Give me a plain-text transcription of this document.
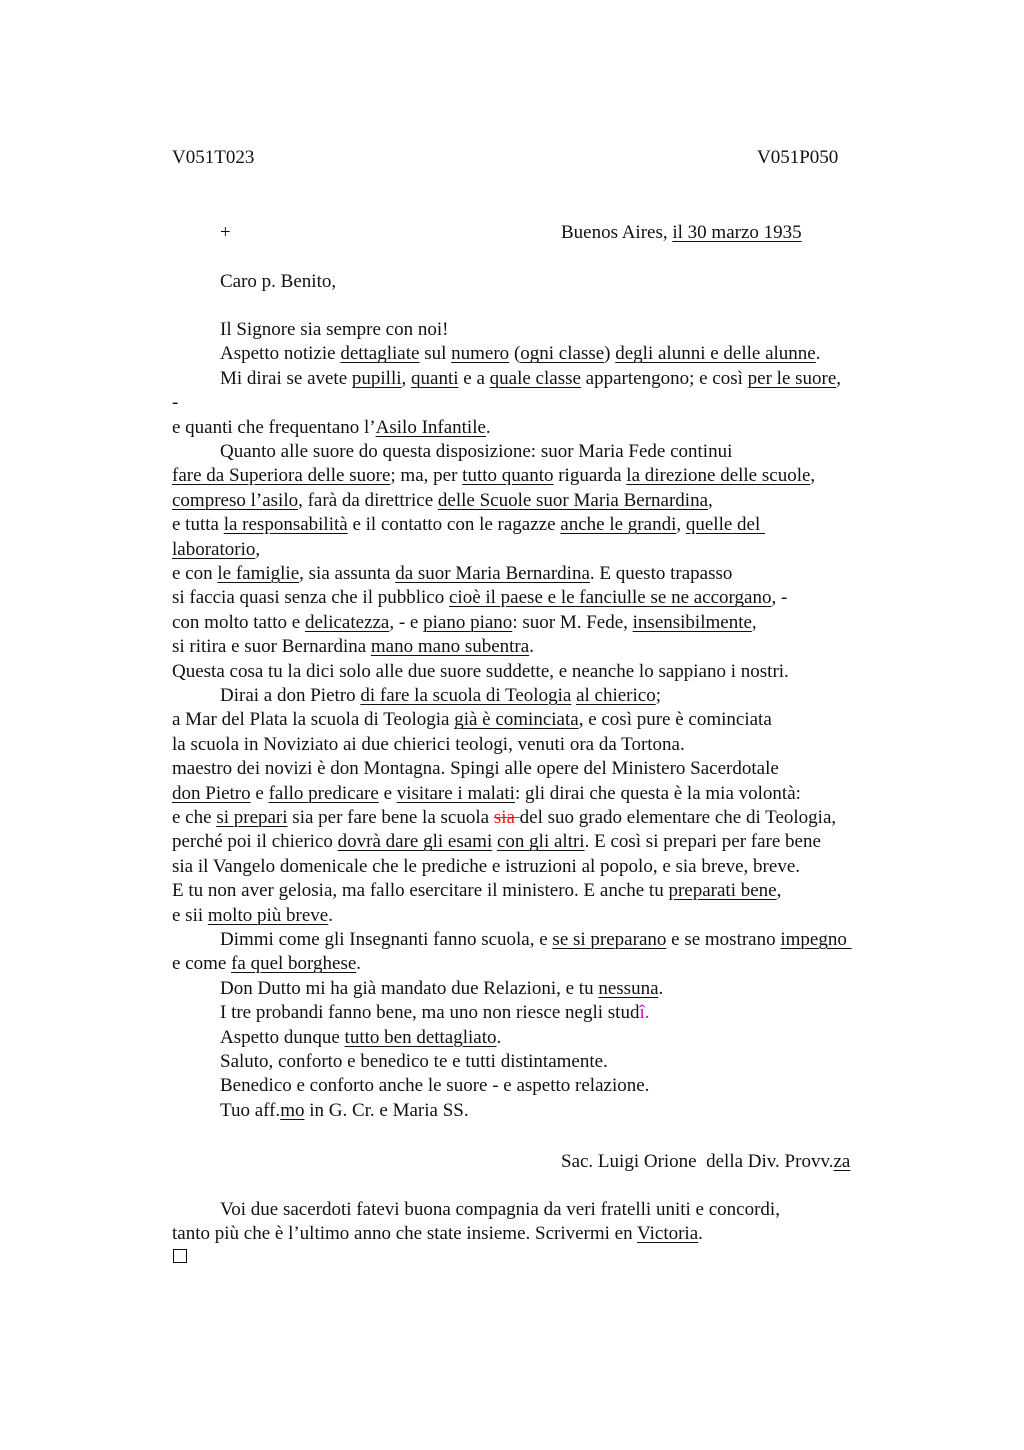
V051T023	V051P050
+	Buenos Aires, il 30 marzo 1935
Caro p. Benito,
Il Signore sia sempre con noi!
Aspetto notizie dettagliate sul numero (ogni classe) degli alunni e delle alunne.
Mi dirai se avete pupilli, quanti e a quale classe appartengono; e così per le suore,
-
e quanti che frequentano l’Asilo Infantile.
Quanto alle suore do questa disposizione: suor Maria Fede continui
fare da Superiora delle suore; ma, per tutto quanto riguarda la direzione delle scuole,
compreso l’asilo, farà da direttrice delle Scuole suor Maria Bernardina,
e tutta la responsabilità e il contatto con le ragazze anche le grandi, quelle del
laboratorio,
e con le famiglie, sia assunta da suor Maria Bernardina. E questo trapasso
si faccia quasi senza che il pubblico cioè il paese e le fanciulle se ne accorgano, -
con molto tatto e delicatezza, - e piano piano: suor M. Fede, insensibilmente,
si ritira e suor Bernardina mano mano subentra.
Questa cosa tu la dici solo alle due suore suddette, e neanche lo sappiano i nostri.
Dirai a don Pietro di fare la scuola di Teologia al chierico;
a Mar del Plata la scuola di Teologia già è cominciata, e così pure è cominciata
la scuola in Noviziato ai due chierici teologi, venuti ora da Tortona.
maestro dei novizi è don Montagna. Spingi alle opere del Ministero Sacerdotale
don Pietro e fallo predicare e visitare i malati: gli dirai che questa è la mia volontà:
e che si prepari sia per fare bene la scuola sia del suo grado elementare che di Teologia,
perché poi il chierico dovrà dare gli esami con gli altri. E così si prepari per fare bene
sia il Vangelo domenicale che le prediche e istruzioni al popolo, e sia breve, breve.
E tu non aver gelosia, ma fallo esercitare il ministero. E anche tu preparati bene,
e sii molto più breve.
Dimmi come gli Insegnanti fanno scuola, e se si preparano e se mostrano impegno
e come fa quel borghese.
Don Dutto mi ha già mandato due Relazioni, e tu nessuna.
I tre probandi fanno bene, ma uno non riesce negli studî.
Aspetto dunque tutto ben dettagliato.
Saluto, conforto e benedico te e tutti distintamente.
Benedico e conforto anche le suore - e aspetto relazione.
Tuo aff.mo in G. Cr. e Maria SS.
Sac. Luigi Orione  della Div. Provv.za
Voi due sacerdoti fatevi buona compagnia da veri fratelli uniti e concordi,
tanto più che è l’ultimo anno che state insieme. Scrivermi en Victoria.
